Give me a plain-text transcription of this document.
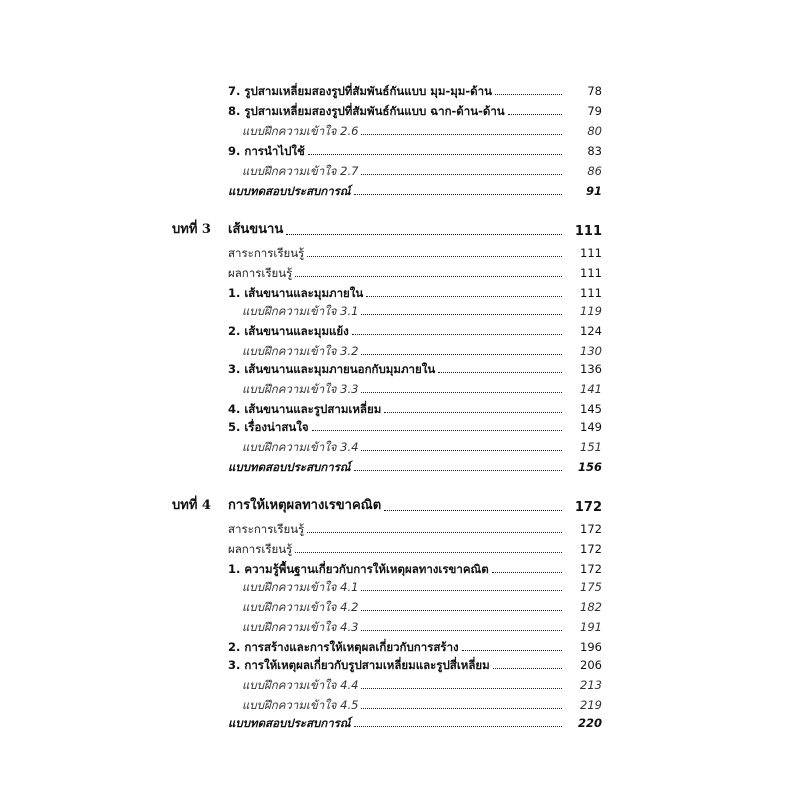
7. รูปสามเหลี่ยมสองรูปที่สัมพันธ์กันแบบ มุม-มุม-ด้าน	78
8. รูปสามเหลี่ยมสองรูปที่สัมพันธ์กันแบบ ฉาก-ด้าน-ด้าน	79
แบบฝึกความเข้าใจ 2.6	80
9. การนำไปใช้	83
แบบฝึกความเข้าใจ 2.7	86
แบบทดสอบประสบการณ์	91
บทที่ 3	เส้นขนาน	111
สาระการเรียนรู้	111
ผลการเรียนรู้	111
1. เส้นขนานและมุมภายใน	111
แบบฝึกความเข้าใจ 3.1	119
2. เส้นขนานและมุมแย้ง	124
แบบฝึกความเข้าใจ 3.2	130
3. เส้นขนานและมุมภายนอกกับมุมภายใน	136
แบบฝึกความเข้าใจ 3.3	141
4. เส้นขนานและรูปสามเหลี่ยม	145
5. เรื่องน่าสนใจ	149
แบบฝึกความเข้าใจ 3.4	151
แบบทดสอบประสบการณ์	156
บทที่ 4	การให้เหตุผลทางเรขาคณิต	172
สาระการเรียนรู้	172
ผลการเรียนรู้	172
1. ความรู้พื้นฐานเกี่ยวกับการให้เหตุผลทางเรขาคณิต	172
แบบฝึกความเข้าใจ 4.1	175
แบบฝึกความเข้าใจ 4.2	182
แบบฝึกความเข้าใจ 4.3	191
2. การสร้างและการให้เหตุผลเกี่ยวกับการสร้าง	196
3. การให้เหตุผลเกี่ยวกับรูปสามเหลี่ยมและรูปสี่เหลี่ยม	206
แบบฝึกความเข้าใจ 4.4	213
แบบฝึกความเข้าใจ 4.5	219
แบบทดสอบประสบการณ์	220
